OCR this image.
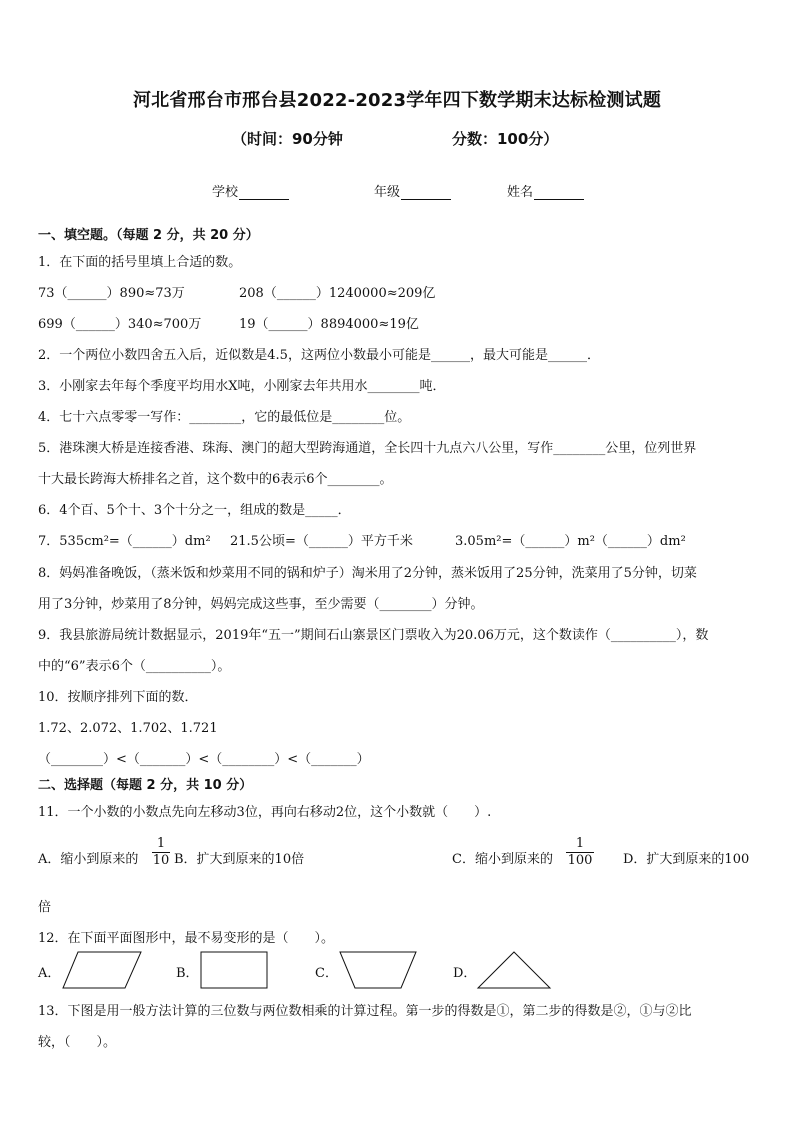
河北省邢台市邢台县2022-2023学年四下数学期末达标检测试题
（时间：90分钟	分数：100分）
学校	年级	姓名
一、填空题。（每题 2 分，共 20 分）
1．在下面的括号里填上合适的数。
73（______）890≈73万	208（______）1240000≈209亿
699（______）340≈700万	19（______）8894000≈19亿
2．一个两位小数四舍五入后，近似数是4.5，这两位小数最小可能是______，最大可能是______．
3．小刚家去年每个季度平均用水X吨，小刚家去年共用水________吨．
4．七十六点零零一写作：________，它的最低位是________位。
5．港珠澳大桥是连接香港、珠海、澳门的超大型跨海通道，全长四十九点六八公里，写作________公里，位列世界
十大最长跨海大桥排名之首，这个数中的6表示6个________。
6．4个百、5个十、3个十分之一，组成的数是_____．
7．535cm²=（______）dm² 21.5公顷=（______）平方千米	3.05m²=（______）m²（______）dm²
8．妈妈准备晚饭，（蒸米饭和炒菜用不同的锅和炉子）淘米用了2分钟，蒸米饭用了25分钟，洗菜用了5分钟，切菜
用了3分钟，炒菜用了8分钟，妈妈完成这些事，至少需要（________）分钟。
9．我县旅游局统计数据显示，2019年“五一”期间石山寨景区门票收入为20.06万元，这个数读作（__________），数
中的“6”表示6个（__________）。
10．按顺序排列下面的数．
1.72、2.072、1.702、1.721
（________）<（_______）<（________）<（_______）
二、选择题（每题 2 分，共 10 分）
11．一个小数的小数点先向左移动3位，再向右移动2位，这个小数就（　　）.
A．缩小到原来的 $\frac{1}{10}$ B．扩大到原来的10倍	C．缩小到原来的 $\frac{1}{100}$ D．扩大到原来的100
倍
12．在下面平面图形中，最不易变形的是（　　）。
A．	B．	C．	D．
13．下图是用一般方法计算的三位数与两位数相乘的计算过程。第一步的得数是①，第二步的得数是②，①与②比
较，（　　）。
